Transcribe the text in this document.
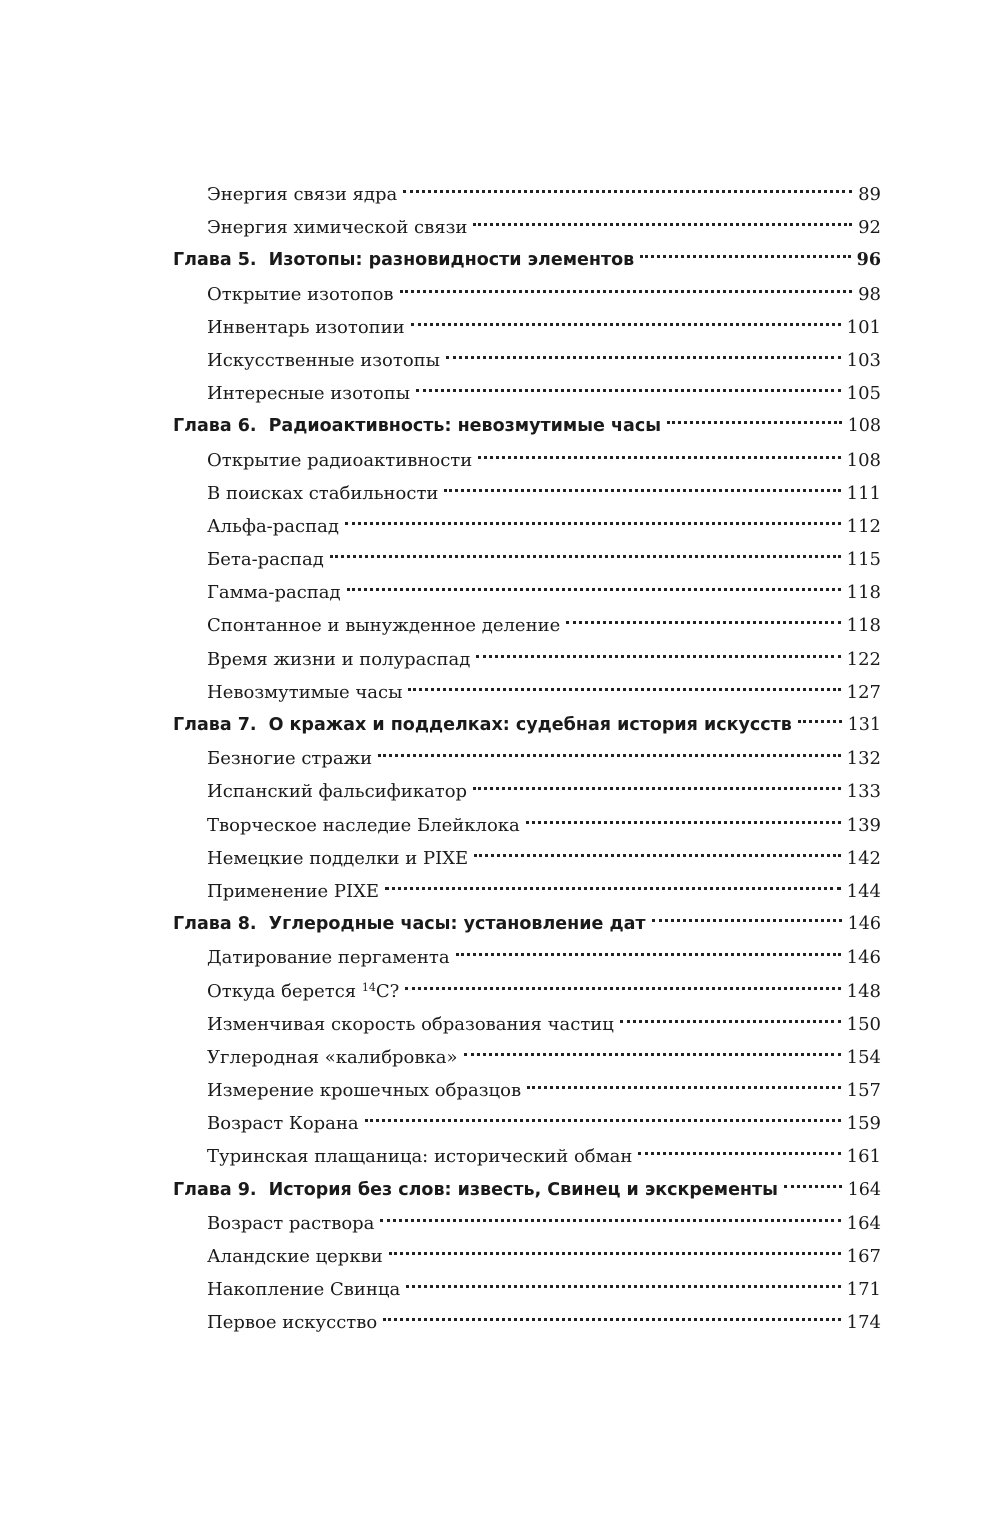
Энергия связи ядра	89
Энергия химической связи	92
Глава 5. Изотопы: разновидности элементов	96
Открытие изотопов	98
Инвентарь изотопии	101
Искусственные изотопы	103
Интересные изотопы	105
Глава 6. Радиоактивность: невозмутимые часы	108
Открытие радиоактивности	108
В поисках стабильности	111
Альфа-распад	112
Бета-распад	115
Гамма-распад	118
Спонтанное и вынужденное деление	118
Время жизни и полураспад	122
Невозмутимые часы	127
Глава 7. О кражах и подделках: судебная история искусств	131
Безногие стражи	132
Испанский фальсификатор	133
Творческое наследие Блейклока	139
Немецкие подделки и PIXE	142
Применение PIXE	144
Глава 8. Углеродные часы: установление дат	146
Датирование пергамента	146
Откуда берется $^{14}$C?	148
Изменчивая скорость образования частиц	150
Углеродная «калибровка»	154
Измерение крошечных образцов	157
Возраст Корана	159
Туринская плащаница: исторический обман	161
Глава 9. История без слов: известь, Свинец и экскременты	164
Возраст раствора	164
Аландские церкви	167
Накопление Свинца	171
Первое искусство	174
